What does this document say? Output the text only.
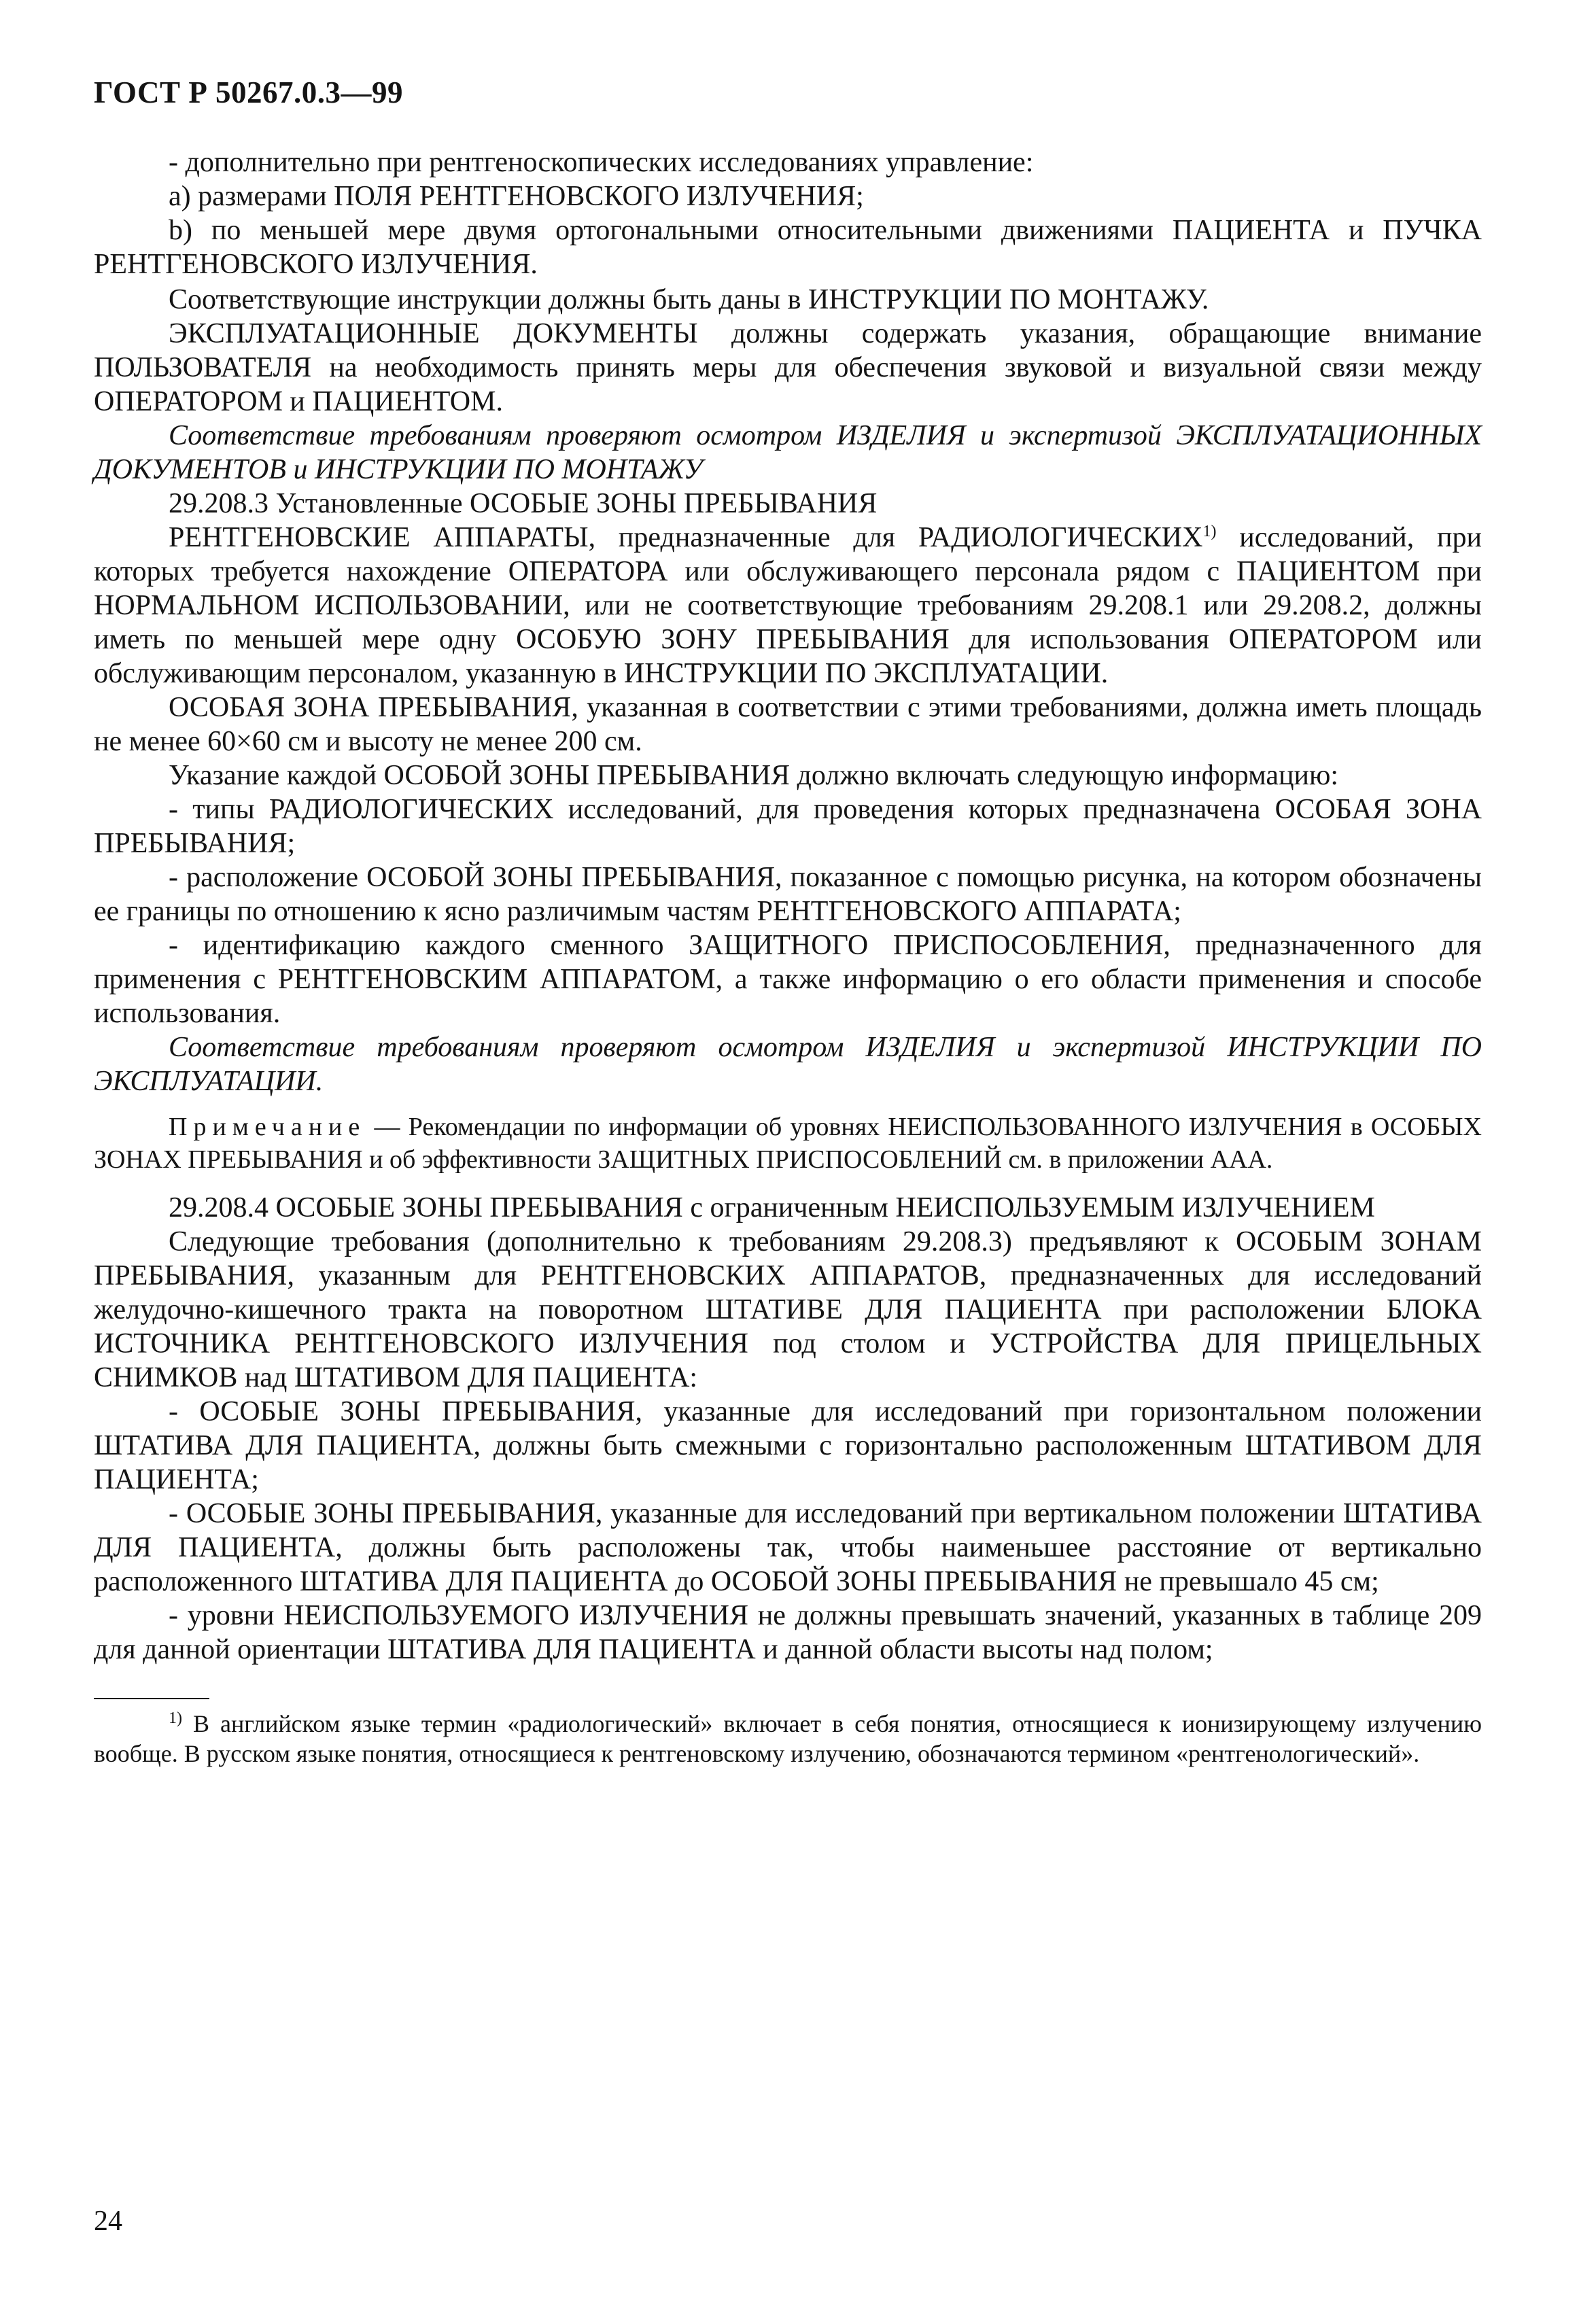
ГОСТ Р 50267.0.3—99

- дополнительно при рентгеноскопических исследованиях управление:

а) размерами ПОЛЯ РЕНТГЕНОВСКОГО ИЗЛУЧЕНИЯ;

b) по меньшей мере двумя ортогональными относительными движениями ПАЦИЕНТА и ПУЧКА РЕНТГЕНОВСКОГО ИЗЛУЧЕНИЯ.

Соответствующие инструкции должны быть даны в ИНСТРУКЦИИ ПО МОНТАЖУ.

ЭКСПЛУАТАЦИОННЫЕ ДОКУМЕНТЫ должны содержать указания, обращающие внимание ПОЛЬЗОВАТЕЛЯ на необходимость принять меры для обеспечения звуковой и визуальной связи между ОПЕРАТОРОМ и ПАЦИЕНТОМ.

Соответствие требованиям проверяют осмотром ИЗДЕЛИЯ и экспертизой ЭКСПЛУАТАЦИОННЫХ ДОКУМЕНТОВ и ИНСТРУКЦИИ ПО МОНТАЖУ

29.208.3 Установленные ОСОБЫЕ ЗОНЫ ПРЕБЫВАНИЯ

РЕНТГЕНОВСКИЕ АППАРАТЫ, предназначенные для РАДИОЛОГИЧЕСКИХ$^{1)}$ исследований, при которых требуется нахождение ОПЕРАТОРА или обслуживающего персонала рядом с ПАЦИЕНТОМ при НОРМАЛЬНОМ ИСПОЛЬЗОВАНИИ, или не соответствующие требованиям 29.208.1 или 29.208.2, должны иметь по меньшей мере одну ОСОБУЮ ЗОНУ ПРЕБЫВАНИЯ для использования ОПЕРАТОРОМ или обслуживающим персоналом, указанную в ИНСТРУКЦИИ ПО ЭКСПЛУАТАЦИИ.

ОСОБАЯ ЗОНА ПРЕБЫВАНИЯ, указанная в соответствии с этими требованиями, должна иметь площадь не менее 60×60 см и высоту не менее 200 см.

Указание каждой ОСОБОЙ ЗОНЫ ПРЕБЫВАНИЯ должно включать следующую информацию:

- типы РАДИОЛОГИЧЕСКИХ исследований, для проведения которых предназначена ОСОБАЯ ЗОНА ПРЕБЫВАНИЯ;

- расположение ОСОБОЙ ЗОНЫ ПРЕБЫВАНИЯ, показанное с помощью рисунка, на котором обозначены ее границы по отношению к ясно различимым частям РЕНТГЕНОВСКОГО АППАРАТА;

- идентификацию каждого сменного ЗАЩИТНОГО ПРИСПОСОБЛЕНИЯ, предназначенного для применения с РЕНТГЕНОВСКИМ АППАРАТОМ, а также информацию о его области применения и способе использования.

Соответствие требованиям проверяют осмотром ИЗДЕЛИЯ и экспертизой ИНСТРУКЦИИ ПО ЭКСПЛУАТАЦИИ.

Примечание — Рекомендации по информации об уровнях НЕИСПОЛЬЗОВАННОГО ИЗЛУЧЕНИЯ в ОСОБЫХ ЗОНАХ ПРЕБЫВАНИЯ и об эффективности ЗАЩИТНЫХ ПРИСПОСОБЛЕНИЙ см. в приложении ААА.

29.208.4 ОСОБЫЕ ЗОНЫ ПРЕБЫВАНИЯ с ограниченным НЕИСПОЛЬЗУЕМЫМ ИЗЛУЧЕНИЕМ

Следующие требования (дополнительно к требованиям 29.208.3) предъявляют к ОСОБЫМ ЗОНАМ ПРЕБЫВАНИЯ, указанным для РЕНТГЕНОВСКИХ АППАРАТОВ, предназначенных для исследований желудочно-кишечного тракта на поворотном ШТАТИВЕ ДЛЯ ПАЦИЕНТА при расположении БЛОКА ИСТОЧНИКА РЕНТГЕНОВСКОГО ИЗЛУЧЕНИЯ под столом и УСТРОЙСТВА ДЛЯ ПРИЦЕЛЬНЫХ СНИМКОВ над ШТАТИВОМ ДЛЯ ПАЦИЕНТА:

- ОСОБЫЕ ЗОНЫ ПРЕБЫВАНИЯ, указанные для исследований при горизонтальном положении ШТАТИВА ДЛЯ ПАЦИЕНТА, должны быть смежными с горизонтально расположенным ШТАТИВОМ ДЛЯ ПАЦИЕНТА;

- ОСОБЫЕ ЗОНЫ ПРЕБЫВАНИЯ, указанные для исследований при вертикальном положении ШТАТИВА ДЛЯ ПАЦИЕНТА, должны быть расположены так, чтобы наименьшее расстояние от вертикально расположенного ШТАТИВА ДЛЯ ПАЦИЕНТА до ОСОБОЙ ЗОНЫ ПРЕБЫВАНИЯ не превышало 45 см;

- уровни НЕИСПОЛЬЗУЕМОГО ИЗЛУЧЕНИЯ не должны превышать значений, указанных в таблице 209 для данной ориентации ШТАТИВА ДЛЯ ПАЦИЕНТА и данной области высоты над полом;

$^{1)}$ В английском языке термин «радиологический» включает в себя понятия, относящиеся к ионизирующему излучению вообще. В русском языке понятия, относящиеся к рентгеновскому излучению, обозначаются термином «рентгенологический».

24
